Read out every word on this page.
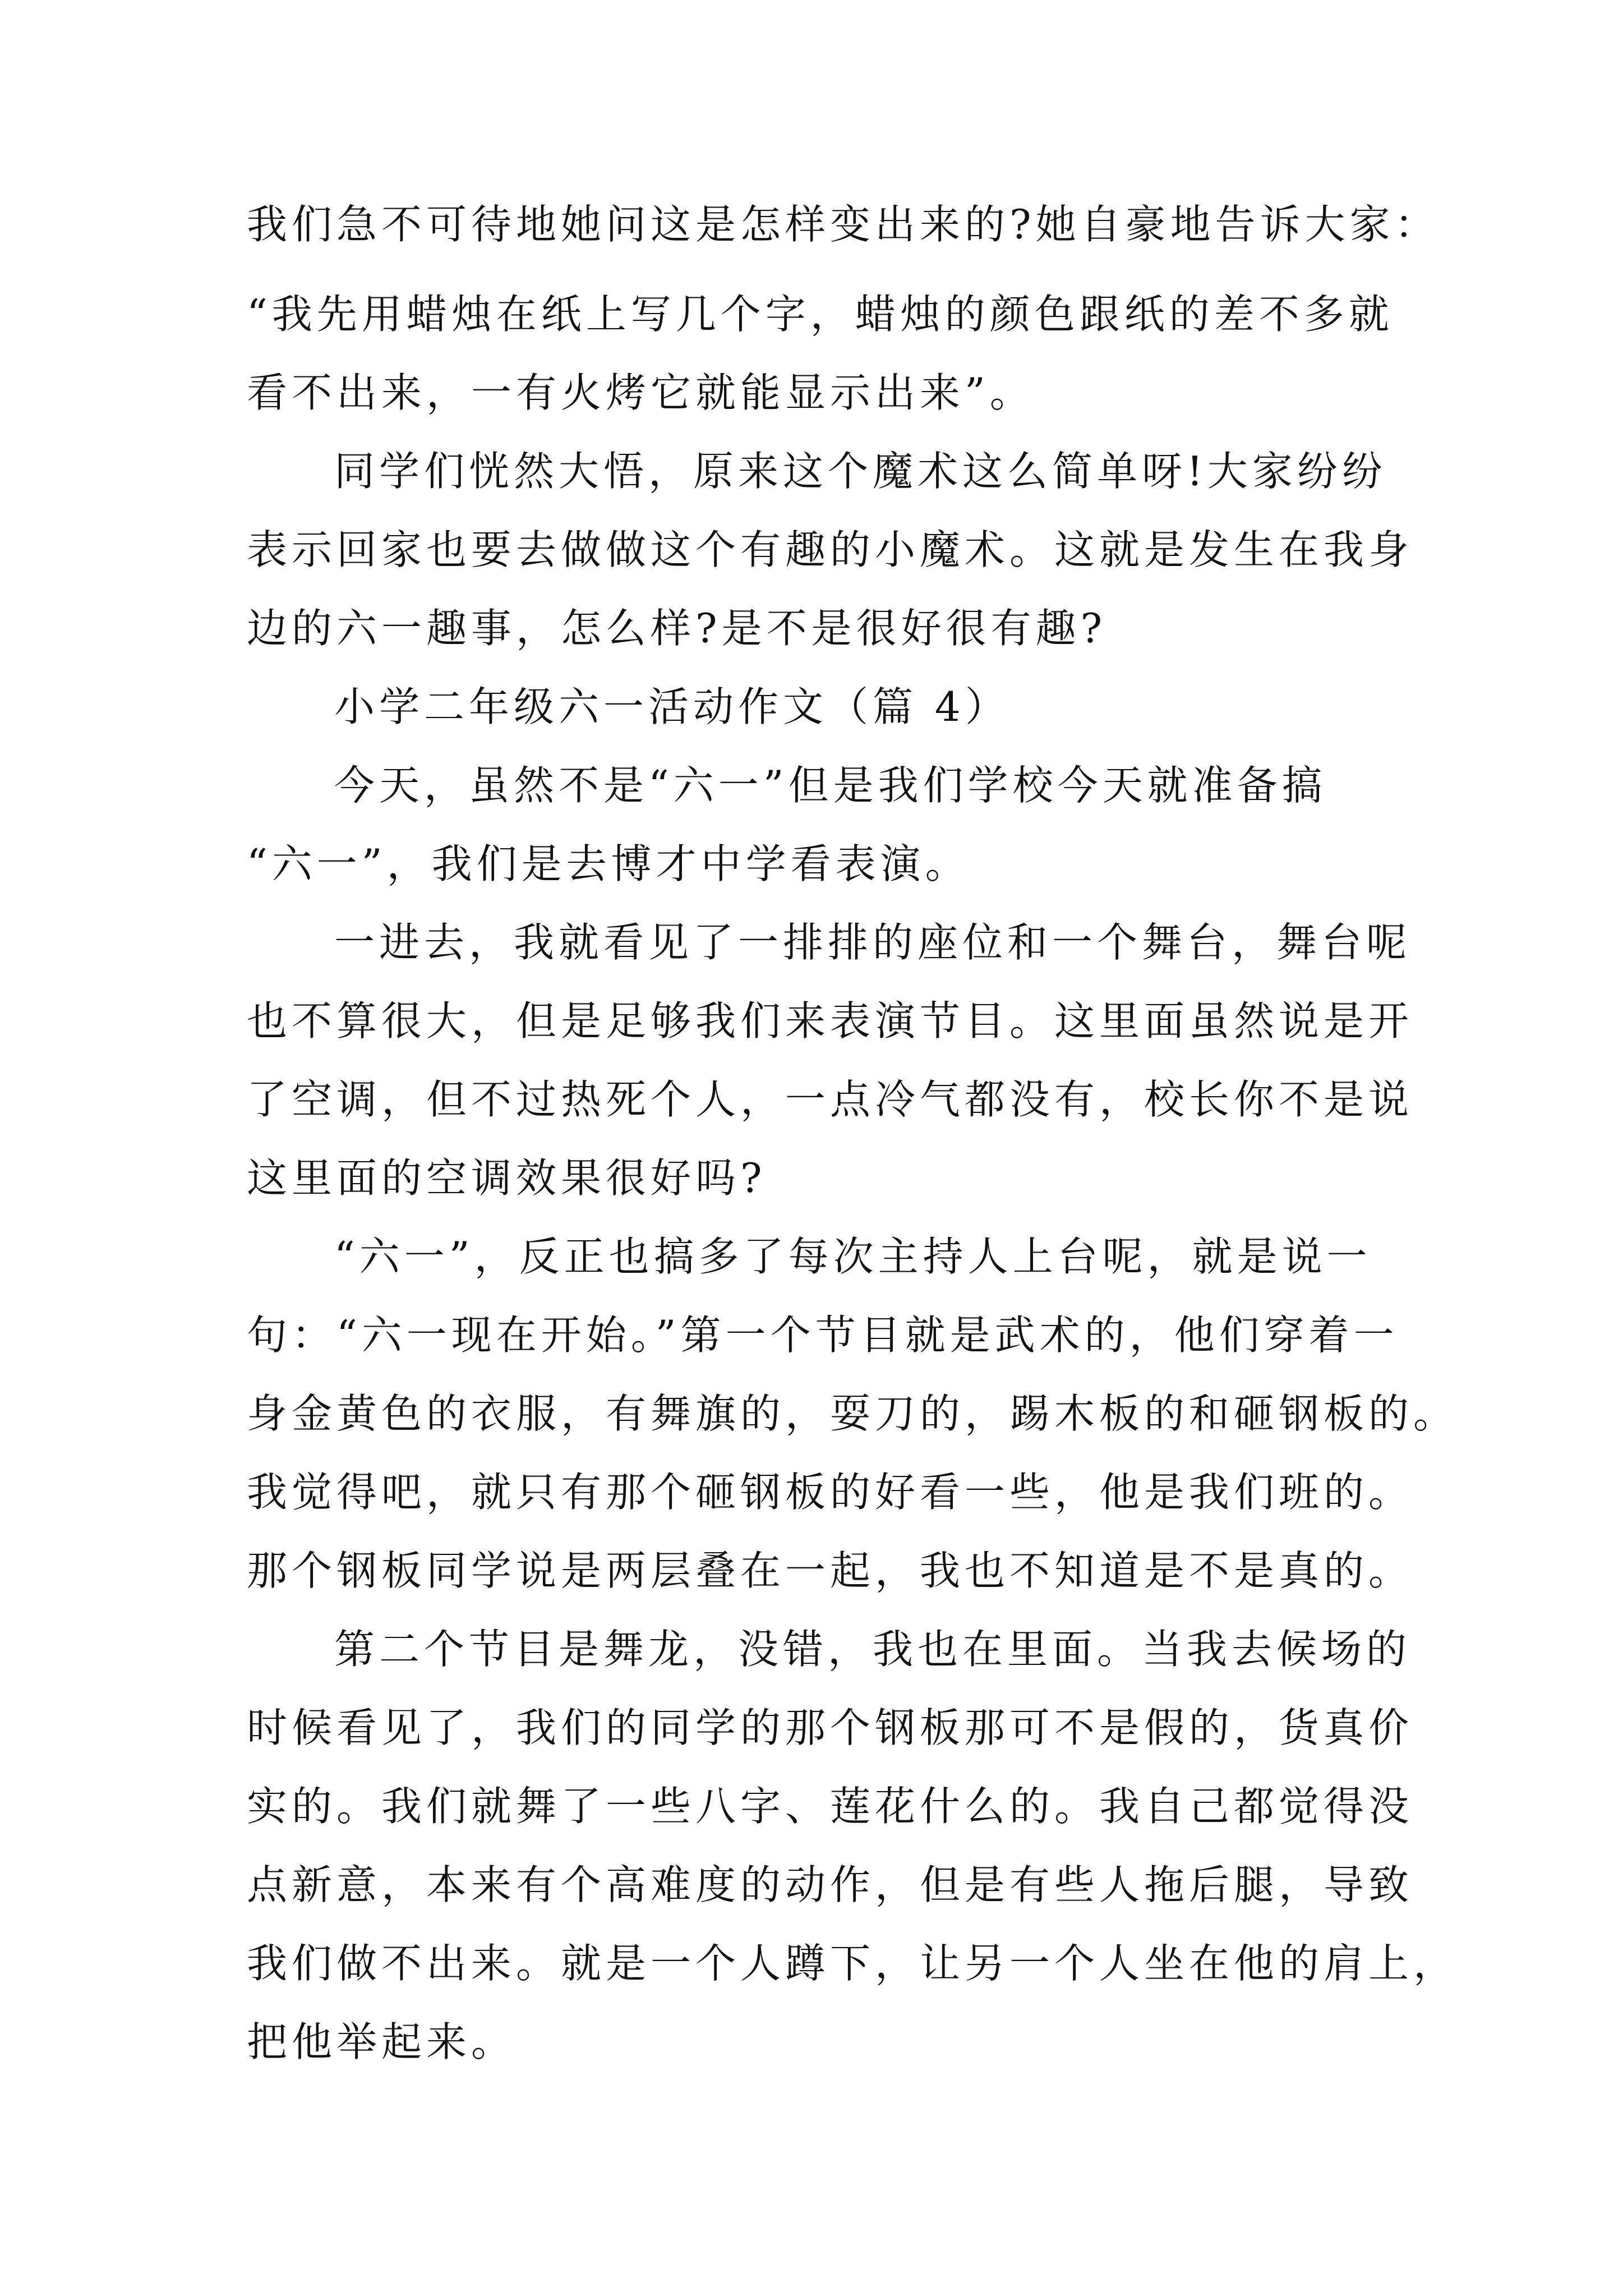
我们急不可待地她问这是怎样变出来的?她自豪地告诉大家：
“我先用蜡烛在纸上写几个字，蜡烛的颜色跟纸的差不多就
看不出来，一有火烤它就能显示出来”。
同学们恍然大悟，原来这个魔术这么简单呀!大家纷纷
表示回家也要去做做这个有趣的小魔术。这就是发生在我身
边的六一趣事，怎么样?是不是很好很有趣?
小学二年级六一活动作文（篇 4）
今天，虽然不是“六一”但是我们学校今天就准备搞
“六一”，我们是去博才中学看表演。
一进去，我就看见了一排排的座位和一个舞台，舞台呢
也不算很大，但是足够我们来表演节目。这里面虽然说是开
了空调，但不过热死个人，一点冷气都没有，校长你不是说
这里面的空调效果很好吗?
“六一”，反正也搞多了每次主持人上台呢，就是说一
句：“六一现在开始。”第一个节目就是武术的，他们穿着一
身金黄色的衣服，有舞旗的，耍刀的，踢木板的和砸钢板的。
我觉得吧，就只有那个砸钢板的好看一些，他是我们班的。
那个钢板同学说是两层叠在一起，我也不知道是不是真的。
第二个节目是舞龙，没错，我也在里面。当我去候场的
时候看见了，我们的同学的那个钢板那可不是假的，货真价
实的。我们就舞了一些八字、莲花什么的。我自己都觉得没
点新意，本来有个高难度的动作，但是有些人拖后腿，导致
我们做不出来。就是一个人蹲下，让另一个人坐在他的肩上，
把他举起来。
